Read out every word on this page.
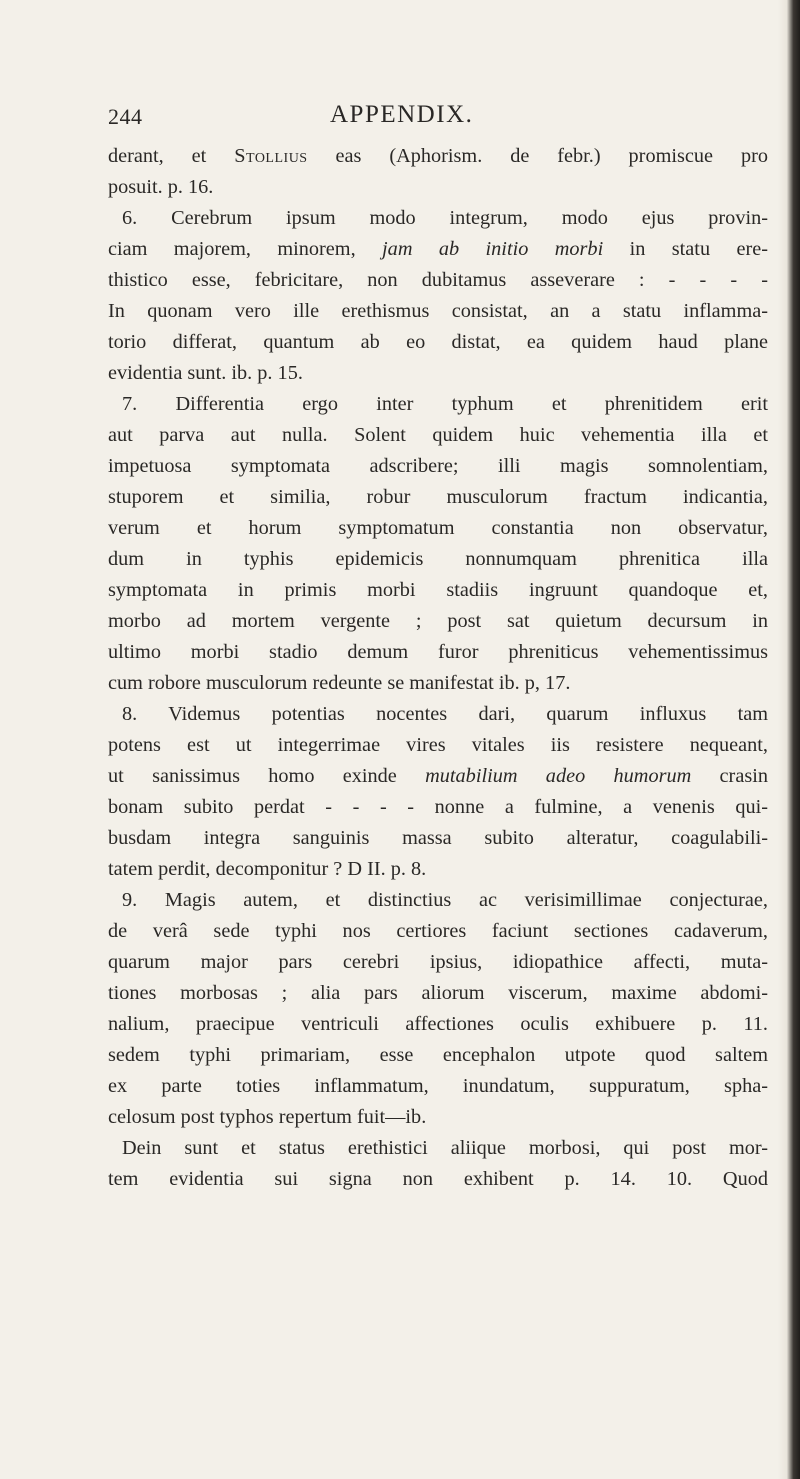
244	APPENDIX.
derant, et Stollius eas (Aphorism. de febr.) promiscue pro
posuit. p. 16.
6. Cerebrum ipsum modo integrum, modo ejus provin-
ciam majorem, minorem, jam ab initio morbi in statu ere-
thistico esse, febricitare, non dubitamus asseverare : - - - -
In quonam vero ille erethismus consistat, an a statu inflamma-
torio differat, quantum ab eo distat, ea quidem haud plane
evidentia sunt. ib. p. 15.
7. Differentia ergo inter typhum et phrenitidem erit
aut parva aut nulla. Solent quidem huic vehementia illa et
impetuosa symptomata adscribere; illi magis somnolentiam,
stuporem et similia, robur musculorum fractum indicantia,
verum et horum symptomatum constantia non observatur,
dum in typhis epidemicis nonnumquam phrenitica illa
symptomata in primis morbi stadiis ingruunt quandoque et,
morbo ad mortem vergente ; post sat quietum decursum in
ultimo morbi stadio demum furor phreniticus vehementissimus
cum robore musculorum redeunte se manifestat ib. p, 17.
8. Videmus potentias nocentes dari, quarum influxus tam
potens est ut integerrimae vires vitales iis resistere nequeant,
ut sanissimus homo exinde mutabilium adeo humorum crasin
bonam subito perdat - - - - nonne a fulmine, a venenis qui-
busdam integra sanguinis massa subito alteratur, coagulabili-
tatem perdit, decomponitur ? D II. p. 8.
9. Magis autem, et distinctius ac verisimillimae conjecturae,
de verâ sede typhi nos certiores faciunt sectiones cadaverum,
quarum major pars cerebri ipsius, idiopathice affecti, muta-
tiones morbosas ; alia pars aliorum viscerum, maxime abdomi-
nalium, praecipue ventriculi affectiones oculis exhibuere p. 11.
sedem typhi primariam, esse encephalon utpote quod saltem
ex parte toties inflammatum, inundatum, suppuratum, spha-
celosum post typhos repertum fuit—ib.
Dein sunt et status erethistici aliique morbosi, qui post mor-
tem evidentia sui signa non exhibent p. 14. 10. Quod
